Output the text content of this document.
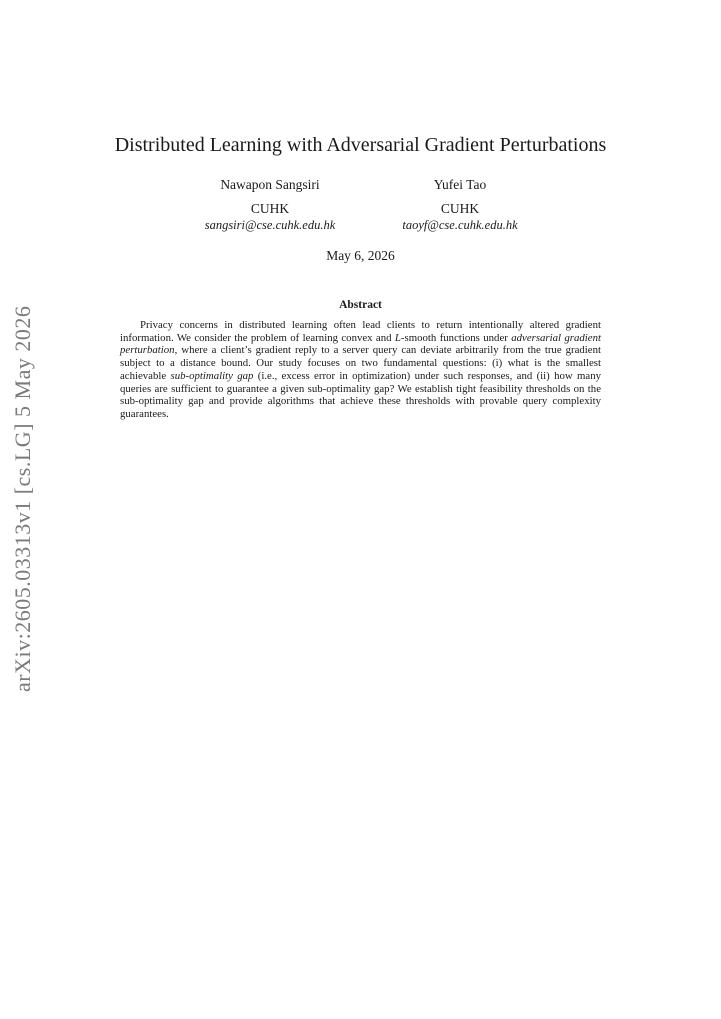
arXiv:2605.03313v1 [cs.LG] 5 May 2026
Distributed Learning with Adversarial Gradient Perturbations
Nawapon Sangsiri
CUHK
sangsiri@cse.cuhk.edu.hk
Yufei Tao
CUHK
taoyf@cse.cuhk.edu.hk
May 6, 2026
Abstract

Privacy concerns in distributed learning often lead clients to return intentionally altered gradient information. We consider the problem of learning convex and L-smooth functions under adversarial gradient perturbation, where a client’s gradient reply to a server query can deviate arbitrarily from the true gradient subject to a distance bound. Our study focuses on two fundamental questions: (i) what is the smallest achievable sub-optimality gap (i.e., excess error in optimization) under such responses, and (ii) how many queries are sufficient to guarantee a given sub-optimality gap? We establish tight feasibility thresholds on the sub-optimality gap and provide algorithms that achieve these thresholds with provable query complexity guarantees.
